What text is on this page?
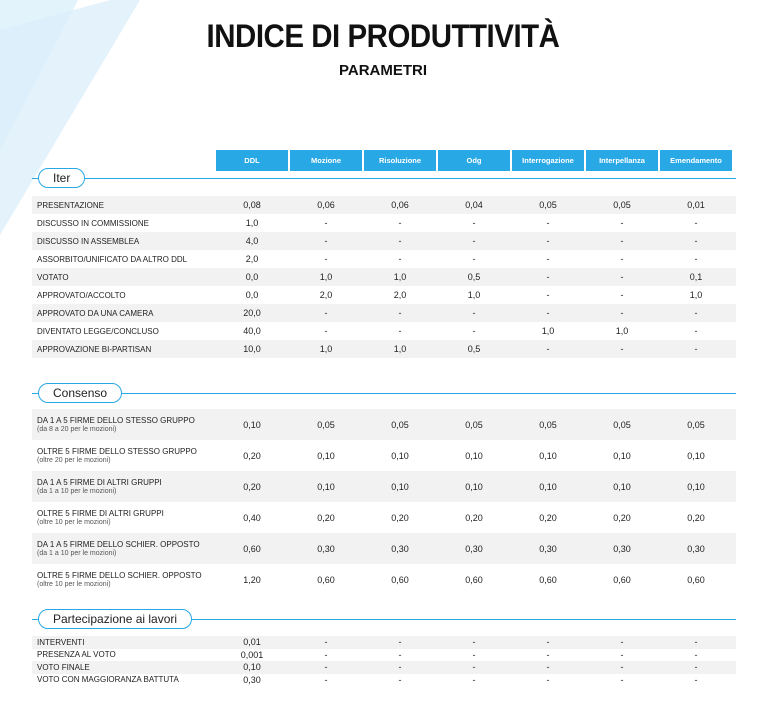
INDICE DI PRODUTTIVITÀ
PARAMETRI
DDL	Mozione	Risoluzione	Odg	Interrogazione	Interpellanza	Emendamento
Iter
PRESENTAZIONE	0,08	0,06	0,06	0,04	0,05	0,05	0,01
DISCUSSO IN COMMISSIONE	1,0	-	-	-	-	-	-
DISCUSSO IN ASSEMBLEA	4,0	-	-	-	-	-	-
ASSORBITO/UNIFICATO DA ALTRO DDL	2,0	-	-	-	-	-	-
VOTATO	0,0	1,0	1,0	0,5	-	-	0,1
APPROVATO/ACCOLTO	0,0	2,0	2,0	1,0	-	-	1,0
APPROVATO DA UNA CAMERA	20,0	-	-	-	-	-	-
DIVENTATO LEGGE/CONCLUSO	40,0	-	-	-	1,0	1,0	-
APPROVAZIONE BI-PARTISAN	10,0	1,0	1,0	0,5	-	-	-
Consenso
DA 1 A 5 FIRME DELLO STESSO GRUPPO
(da 8 a 20 per le mozioni)	0,10	0,05	0,05	0,05	0,05	0,05	0,05
OLTRE 5 FIRME DELLO STESSO GRUPPO
(oltre 20 per le mozioni)	0,20	0,10	0,10	0,10	0,10	0,10	0,10
DA 1 A 5 FIRME DI ALTRI GRUPPI
(da 1 a 10 per le mozioni)	0,20	0,10	0,10	0,10	0,10	0,10	0,10
OLTRE 5 FIRME DI ALTRI GRUPPI
(oltre 10 per le mozioni)	0,40	0,20	0,20	0,20	0,20	0,20	0,20
DA 1 A 5 FIRME DELLO SCHIER. OPPOSTO
(da 1 a 10 per le mozioni)	0,60	0,30	0,30	0,30	0,30	0,30	0,30
OLTRE 5 FIRME DELLO SCHIER. OPPOSTO
(oltre 10 per le mozioni)	1,20	0,60	0,60	0,60	0,60	0,60	0,60
Partecipazione ai lavori
INTERVENTI	0,01	-	-	-	-	-	-
PRESENZA AL VOTO	0,001	-	-	-	-	-	-
VOTO FINALE	0,10	-	-	-	-	-	-
VOTO CON MAGGIORANZA BATTUTA	0,30	-	-	-	-	-	-
